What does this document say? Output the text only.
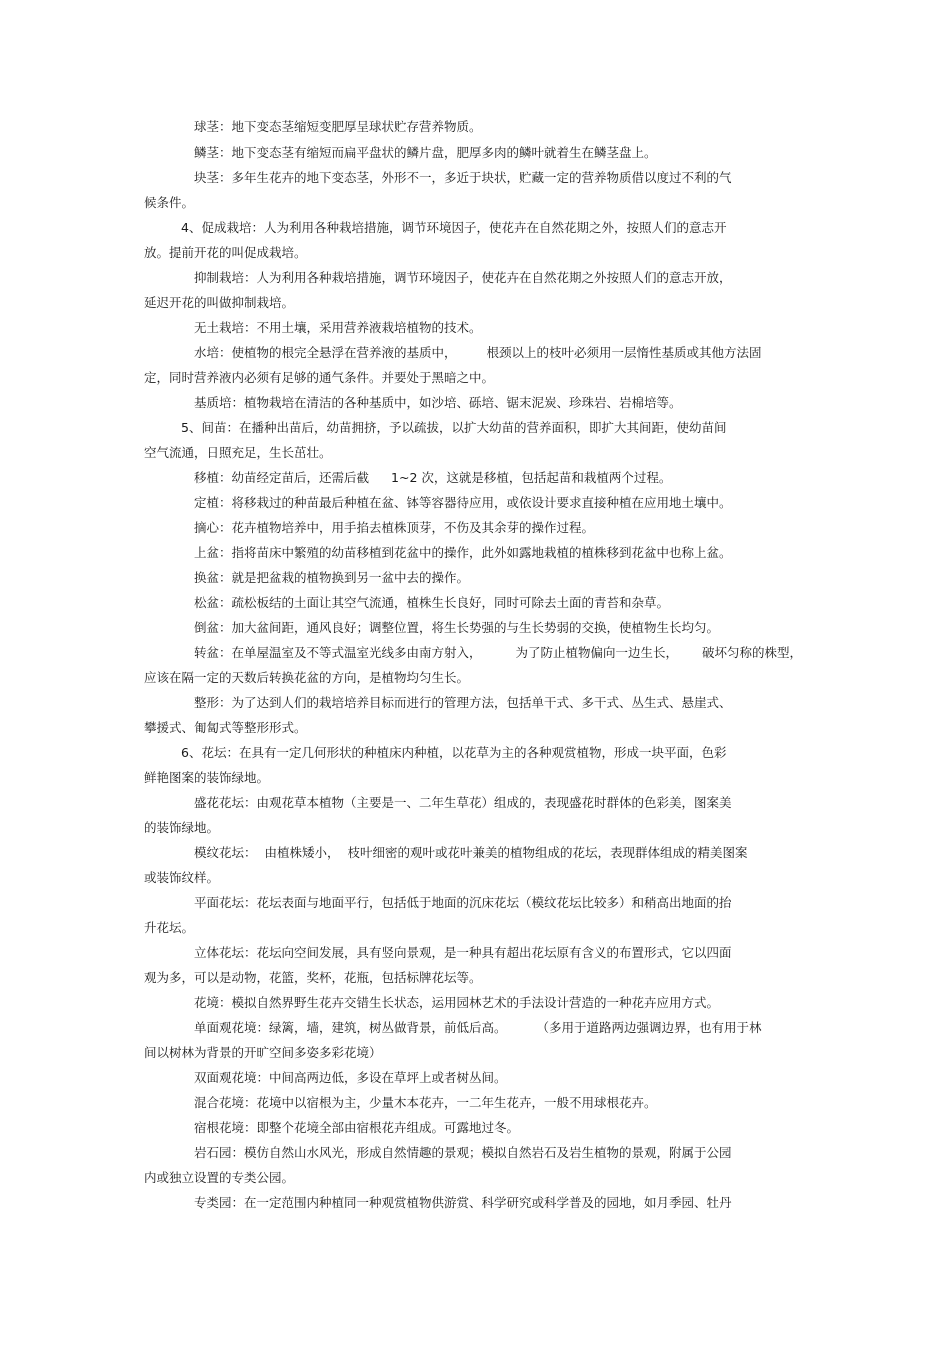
球茎：地下变态茎缩短变肥厚呈球状贮存营养物质。
鳞茎：地下变态茎有缩短而扁平盘状的鳞片盘，肥厚多肉的鳞叶就着生在鳞茎盘上。
块茎：多年生花卉的地下变态茎，外形不一，多近于块状，贮藏一定的营养物质借以度过不利的气
候条件。
4、促成栽培：人为利用各种栽培措施，调节环境因子，使花卉在自然花期之外，按照人们的意志开
放。提前开花的叫促成栽培。
抑制栽培：人为利用各种栽培措施，调节环境因子，使花卉在自然花期之外按照人们的意志开放，
延迟开花的叫做抑制栽培。
无土栽培：不用土壤，采用营养液栽培植物的技术。
水培：使植物的根完全悬浮在营养液的基质中， 根颈以上的枝叶必须用一层惰性基质或其他方法固
定，同时营养液内必须有足够的通气条件。并要处于黑暗之中。
基质培：植物栽培在清洁的各种基质中，如沙培、砾培、锯末泥炭、珍珠岩、岩棉培等。
5、间苗：在播种出苗后，幼苗拥挤，予以疏拔，以扩大幼苗的营养面积，即扩大其间距，使幼苗间
空气流通，日照充足，生长茁壮。
移植：幼苗经定苗后，还需后截 1~2 次，这就是移植，包括起苗和栽植两个过程。
定植：将移栽过的种苗最后种植在盆、钵等容器待应用，或依设计要求直接种植在应用地土壤中。
摘心：花卉植物培养中，用手掐去植株顶芽，不伤及其余芽的操作过程。
上盆：指将苗床中繁殖的幼苗移植到花盆中的操作，此外如露地栽植的植株移到花盆中也称上盆。
换盆：就是把盆栽的植物换到另一盆中去的操作。
松盆：疏松板结的土面让其空气流通，植株生长良好，同时可除去土面的青苔和杂草。
倒盆：加大盆间距，通风良好；调整位置，将生长势强的与生长势弱的交换，使植物生长均匀。
转盆：在单屋温室及不等式温室光线多由南方射入，	为了防止植物偏向一边生长， 破坏匀称的株型，
应该在隔一定的天数后转换花盆的方向，是植物均匀生长。
整形：为了达到人们的栽培培养目标而进行的管理方法，包括单干式、多干式、丛生式、悬崖式、
攀援式、匍匐式等整形形式。
6、花坛：在具有一定几何形状的种植床内种植，以花草为主的各种观赏植物，形成一块平面，色彩
鲜艳图案的装饰绿地。
盛花花坛：由观花草本植物（主要是一、二年生草花）组成的，表现盛花时群体的色彩美，图案美
的装饰绿地。
模纹花坛： 由植株矮小， 枝叶细密的观叶或花叶兼美的植物组成的花坛，表现群体组成的精美图案
或装饰纹样。
平面花坛：花坛表面与地面平行，包括低于地面的沉床花坛（模纹花坛比较多）和稍高出地面的抬
升花坛。
立体花坛：花坛向空间发展，具有竖向景观，是一种具有超出花坛原有含义的布置形式，它以四面
观为多，可以是动物，花篮，奖杯，花瓶，包括标牌花坛等。
花境：模拟自然界野生花卉交错生长状态，运用园林艺术的手法设计营造的一种花卉应用方式。
单面观花境：绿篱，墙，建筑，树丛做背景，前低后高。 （多用于道路两边强调边界，也有用于林
间以树林为背景的开旷空间多姿多彩花境）
双面观花境：中间高两边低，多设在草坪上或者树丛间。
混合花境：花境中以宿根为主，少量木本花卉，一二年生花卉，一般不用球根花卉。
宿根花境：即整个花境全部由宿根花卉组成。可露地过冬。
岩石园：模仿自然山水风光，形成自然情趣的景观；模拟自然岩石及岩生植物的景观，附属于公园
内或独立设置的专类公园。
专类园：在一定范围内种植同一种观赏植物供游赏、科学研究或科学普及的园地，如月季园、牡丹
